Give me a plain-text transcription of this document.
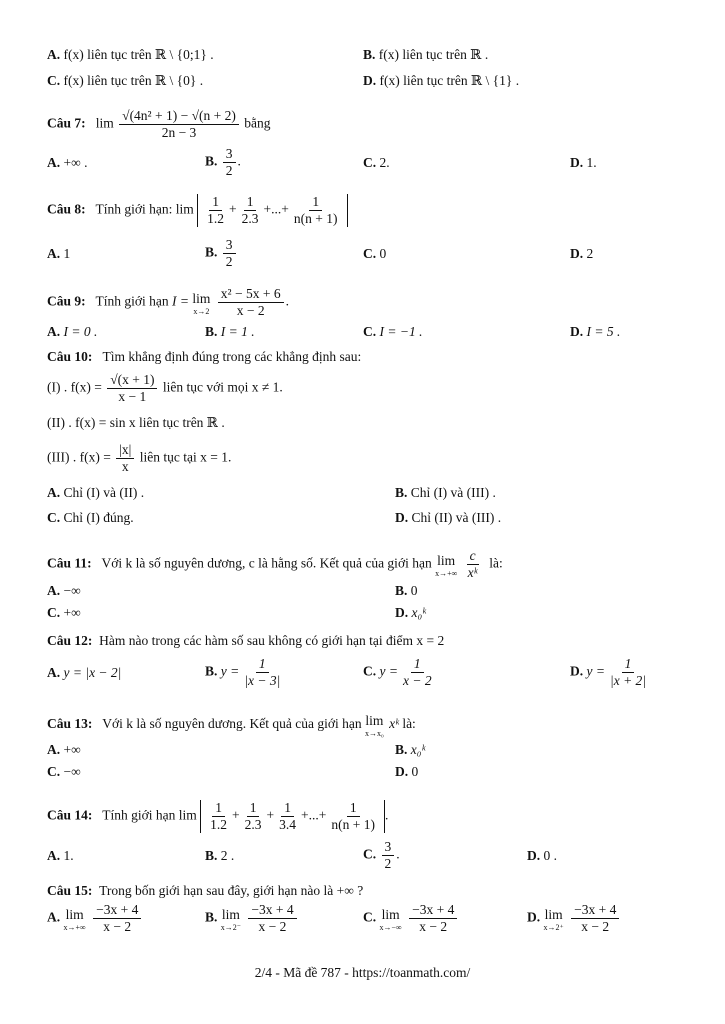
A. f(x) liên tục trên ℝ \ {0;1} .	B. f(x) liên tục trên ℝ .
C. f(x) liên tục trên ℝ \ {0} .	D. f(x) liên tục trên ℝ \ {1} .
Câu 7: $\lim \frac{\text{√(4n² + 1) − √(n + 2)}}{2n - 3}$ bằng
A. +∞ .	B. $\frac{3}{2}$ .	C. 2.	D. 1.
Câu 8: Tính giới hạn: $\lim \frac{1}{1.2} + \frac{1}{2.3}$ +...+ $\frac{1}{n(n + 1)}$
A. 1	B. $\frac{3}{2}$	C. 0	D. 2
Câu 9: Tính giới hạn I = lim
x→2
$\frac{\text{x² − 5x + 6}}{x - 2}$ .
A. I = 0 .	B. I = 1 .	C. I = −1 .	D. I = 5 .
Câu 10: Tìm khẳng định đúng trong các khẳng định sau:
(I) . $f(x) = \frac{√(x + 1)}{x - 1}$ liên tục với mọi x ≠ 1.
(II) . f(x) = sin x liên tục trên ℝ .
(III) . $f(x) = \frac{|x|}{x}$ liên tục tại x = 1.
A. Chỉ (I) và (II) .	B. Chỉ (I) và (III) .
C. Chỉ (I) đúng.	D. Chỉ (II) và (III) .
Câu 11: Với k là số nguyên dương, c là hằng số. Kết quả của giới hạn lim
x→+∞
$\frac{c}{\text{xᵏ}}$ là:
A. −∞	B. 0
C. +∞	D. x₀ᵏ
Câu 12: Hàm nào trong các hàm số sau không có giới hạn tại điểm x = 2
A. y = |x − 2|	B. $y = \frac{1}{|x - 3|}$	C. $y = \frac{1}{x - 2}$	D. $y = \frac{1}{|x + 2|}$
Câu 13: Với k là số nguyên dương. Kết quả của giới hạn lim
x→x₀
xᵏ là:
A. +∞	B. x₀ᵏ
C. −∞	D. 0
Câu 14: Tính giới hạn $\lim \frac{1}{1.2} + \frac{1}{2.3} + \frac{1}{3.4}$ +...+ $\frac{1}{n(n + 1)}$ .
A. 1.	B. 2 .	C. $\frac{3}{2}$ .	D. 0 .
Câu 15: Trong bốn giới hạn sau đây, giới hạn nào là +∞ ?
A. lim
x→+∞
$\frac{-3x + 4}{x - 2}$	B. lim
x→2⁻
$\frac{-3x + 4}{x - 2}$	C. lim
x→−∞
$\frac{-3x + 4}{x - 2}$	D. lim
x→2⁺
$\frac{-3x + 4}{x - 2}$
2/4 - Mã đề 787 - https://toanmath.com/
